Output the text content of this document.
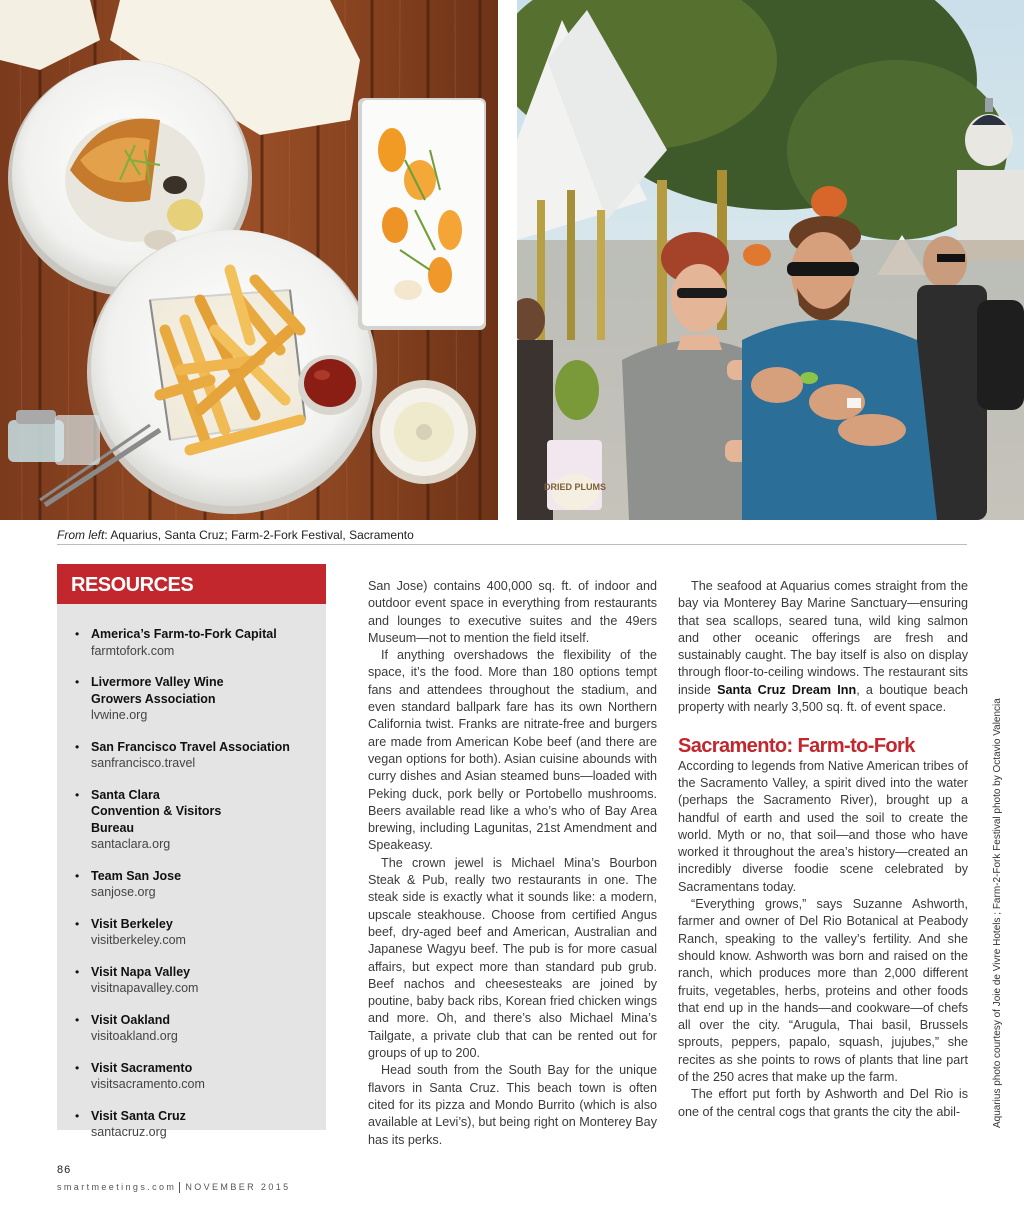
DRIED PLUMS
From left: Aquarius, Santa Cruz; Farm-2-Fork Festival, Sacramento
RESOURCES
• America’s Farm-to-Fork Capital
farmtofork.com
• Livermore Valley Wine Growers Association
lvwine.org
• San Francisco Travel Association
sanfrancisco.travel
• Santa Clara Convention & Visitors Bureau
santaclara.org
• Team San Jose
sanjose.org
• Visit Berkeley
visitberkeley.com
• Visit Napa Valley
visitnapavalley.com
• Visit Oakland
visitoakland.org
• Visit Sacramento
visitsacramento.com
• Visit Santa Cruz
santacruz.org

San Jose) contains 400,000 sq. ft. of indoor and outdoor event space in everything from restaurants and lounges to executive suites and the 49ers Museum—not to mention the field itself.

If anything overshadows the flexibility of the space, it’s the food. More than 180 options tempt fans and attendees throughout the stadium, and even standard ballpark fare has its own Northern California twist. Franks are nitrate-free and burgers are made from American Kobe beef (and there are vegan options for both). Asian cuisine abounds with curry dishes and Asian steamed buns—loaded with Peking duck, pork belly or Portobello mushrooms. Beers available read like a who’s who of Bay Area brewing, including Lagunitas, 21st Amendment and Speakeasy.

The crown jewel is Michael Mina’s Bourbon Steak & Pub, really two restaurants in one. The steak side is exactly what it sounds like: a modern, upscale steakhouse. Choose from certified Angus beef, dry-aged beef and American, Australian and Japanese Wagyu beef. The pub is for more casual affairs, but expect more than standard pub grub. Beef nachos and cheesesteaks are joined by poutine, baby back ribs, Korean fried chicken wings and more. Oh, and there’s also Michael Mina’s Tailgate, a private club that can be rented out for groups of up to 200.

Head south from the South Bay for the unique flavors in Santa Cruz. This beach town is often cited for its pizza and Mondo Burrito (which is also available at Levi’s), but being right on Monterey Bay has its perks.

The seafood at Aquarius comes straight from the bay via Monterey Bay Marine Sanctuary—ensuring that sea scallops, seared tuna, wild king salmon and other oceanic offerings are fresh and sustainably caught. The bay itself is also on display through floor-to-ceiling windows. The restaurant sits inside Santa Cruz Dream Inn, a boutique beach property with nearly 3,500 sq. ft. of event space.

Sacramento: Farm-to-Fork

According to legends from Native American tribes of the Sacramento Valley, a spirit dived into the water (perhaps the Sacramento River), brought up a handful of earth and used the soil to create the world. Myth or no, that soil—and those who have worked it throughout the area’s history—created an incredibly diverse foodie scene celebrated by Sacramentans today.

“Everything grows,” says Suzanne Ashworth, farmer and owner of Del Rio Botanical at Peabody Ranch, speaking to the valley’s fertility. And she should know. Ashworth was born and raised on the ranch, which produces more than 2,000 different fruits, vegetables, herbs, proteins and other foods that end up in the hands—and cookware—of chefs all over the city. “Arugula, Thai basil, Brussels sprouts, peppers, papalo, squash, jujubes,” she recites as she points to rows of plants that line part of the 250 acres that make up the farm.

The effort put forth by Ashworth and Del Rio is one of the central cogs that grants the city the abil-	Aquarius photo courtesy of Joie de Vivre Hotels ; Farm-2-Fork Festival photo by Octavio Valencia
86
smartmeetings.com NOVEMBER 2015
